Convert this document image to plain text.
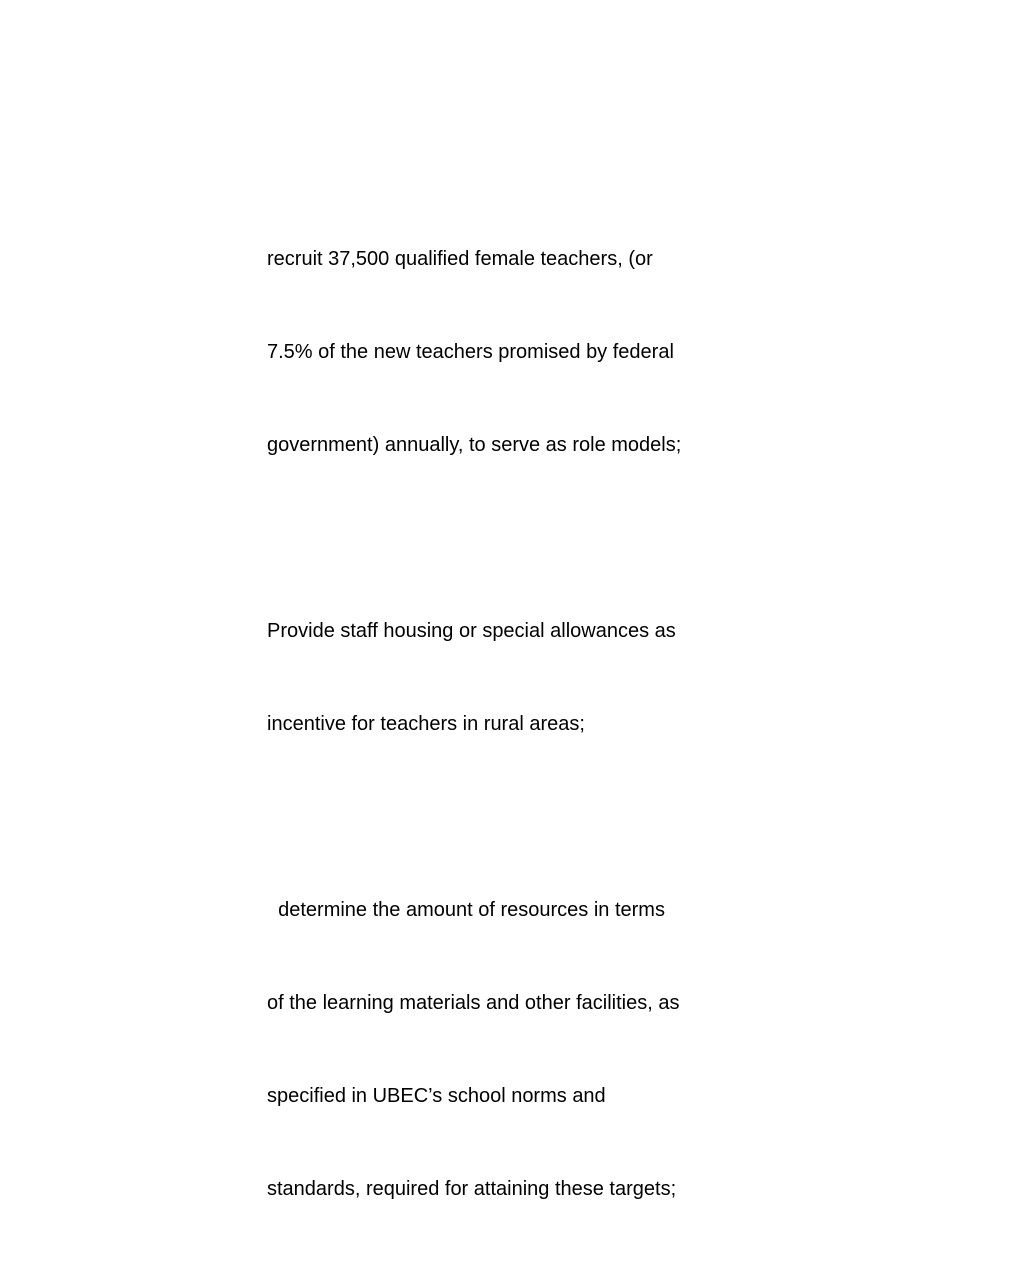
recruit 37,500 qualified female teachers, (or

7.5% of the new teachers promised by federal

government) annually, to serve as role models;

Provide staff housing or special allowances as

incentive for teachers in rural areas;

determine the amount of resources in terms

of the learning materials and other facilities, as

specified in UBEC’s school norms and

standards, required for attaining these targets;
